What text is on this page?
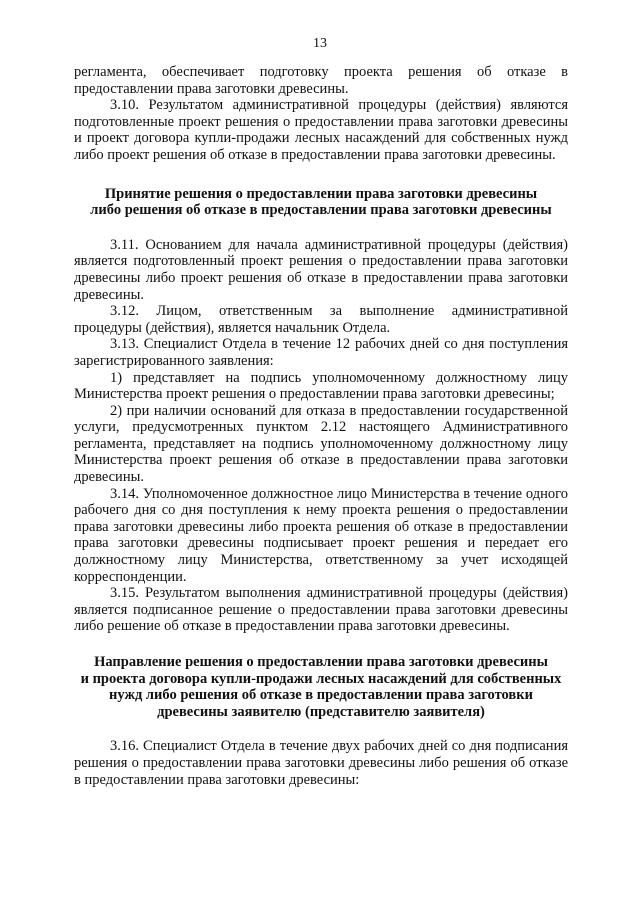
13

регламента, обеспечивает подготовку проекта решения об отказе в предоставлении права заготовки древесины.

3.10. Результатом административной процедуры (действия) являются подготовленные проект решения о предоставлении права заготовки древесины и проект договора купли-продажи лесных насаждений для собственных нужд либо проект решения об отказе в предоставлении права заготовки древесины.

Принятие решения о предоставлении права заготовки древесины
либо решения об отказе в предоставлении права заготовки древесины

3.11. Основанием для начала административной процедуры (действия) является подготовленный проект решения о предоставлении права заготовки древесины либо проект решения об отказе в предоставлении права заготовки древесины.

3.12. Лицом, ответственным за выполнение административной процедуры (действия), является начальник Отдела.

3.13. Специалист Отдела в течение 12 рабочих дней со дня поступления зарегистрированного заявления:

1) представляет на подпись уполномоченному должностному лицу Министерства проект решения о предоставлении права заготовки древесины;

2) при наличии оснований для отказа в предоставлении государственной услуги, предусмотренных пунктом 2.12 настоящего Административного регламента, представляет на подпись уполномоченному должностному лицу Министерства проект решения об отказе в предоставлении права заготовки древесины.

3.14. Уполномоченное должностное лицо Министерства в течение одного рабочего дня со дня поступления к нему проекта решения о предоставлении права заготовки древесины либо проекта решения об отказе в предоставлении права заготовки древесины подписывает проект решения и передает его должностному лицу Министерства, ответственному за учет исходящей корреспонденции.

3.15. Результатом выполнения административной процедуры (действия) является подписанное решение о предоставлении права заготовки древесины либо решение об отказе в предоставлении права заготовки древесины.

Направление решения о предоставлении права заготовки древесины
и проекта договора купли-продажи лесных насаждений для собственных
нужд либо решения об отказе в предоставлении права заготовки
древесины заявителю (представителю заявителя)

3.16. Специалист Отдела в течение двух рабочих дней со дня подписания решения о предоставлении права заготовки древесины либо решения об отказе в предоставлении права заготовки древесины:
